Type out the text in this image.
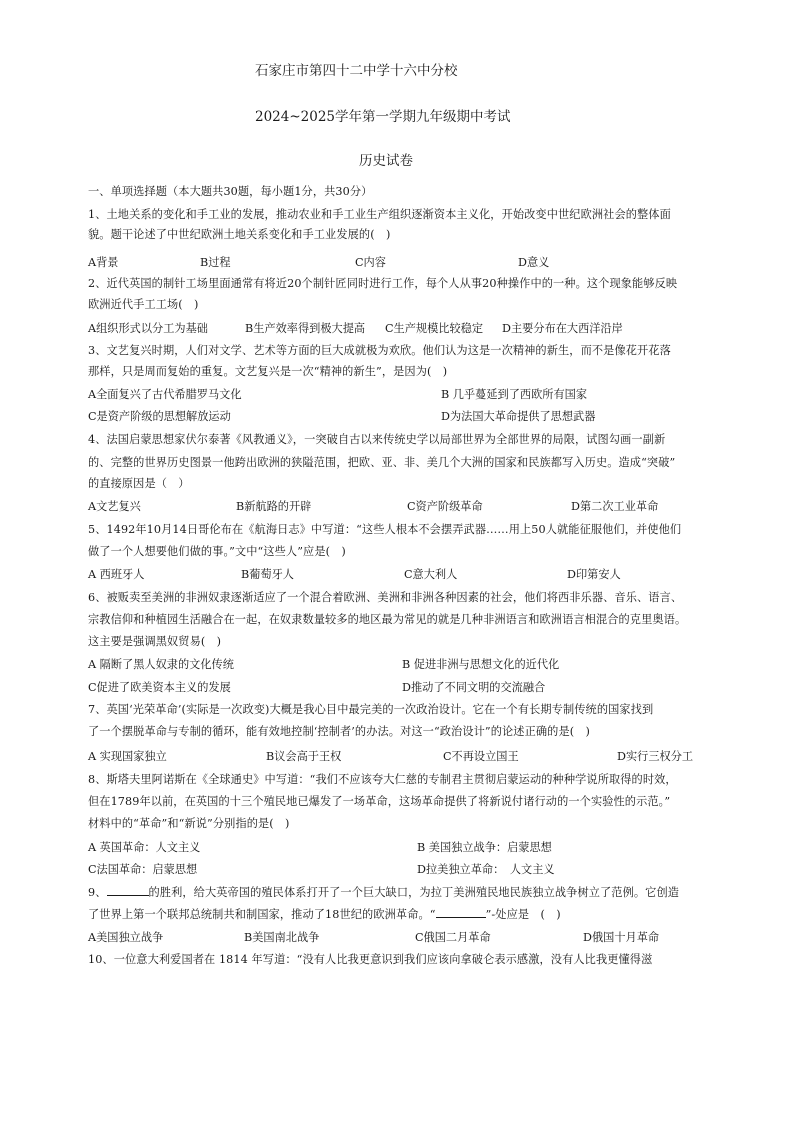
石家庄市第四十二中学十六中分校
2024~2025学年第一学期九年级期中考试
历史试卷
一、单项选择题（本大题共30题，每小题1分，共30分）
1、土地关系的变化和手工业的发展，推动农业和手工业生产组织逐渐资本主义化，开始改变中世纪欧洲社会的整体面
貌。题干论述了中世纪欧洲土地关系变化和手工业发展的(　)
A背景	B过程	C内容	D意义
2、近代英国的制针工场里面通常有将近20个制针匠同时进行工作，每个人从事20种操作中的一种。这个现象能够反映
欧洲近代手工工场(　)
A组织形式以分工为基础	B生产效率得到极大提高 C生产规模比较稳定 D主要分布在大西洋沿岸
3、文艺复兴时期，人们对文学、艺术等方面的巨大成就极为欢欣。他们认为这是一次精神的新生，而不是像花开花落
那样，只是周而复始的重复。文艺复兴是一次“精神的新生”，是因为(　)
A全面复兴了古代希腊罗马文化	B 几乎蔓延到了西欧所有国家
C是资产阶级的思想解放运动	D为法国大革命提供了思想武器
4、法国启蒙思想家伏尔泰著《风教通义》，一突破自古以来传统史学以局部世界为全部世界的局限，试图勾画一副新
的、完整的世界历史图景一他跨出欧洲的狭隘范围，把欧、亚、非、美几个大洲的国家和民族都写入历史。造成“突破”
的直接原因是（　）
A文艺复兴	B新航路的开辟	C资产阶级革命	D第二次工业革命
5、1492年10月14日哥伦布在《航海日志》中写道：“这些人根本不会摆弄武器……用上50人就能征服他们，并使他们
做了一个人想要他们做的事。”文中“这些人”应是(　)
A 西班牙人	B葡萄牙人	C意大利人	D印第安人
6、被贩卖至美洲的非洲奴隶逐渐适应了一个混合着欧洲、美洲和非洲各种因素的社会，他们将西非乐器、音乐、语言、
宗教信仰和种植园生活融合在一起，在奴隶数量较多的地区最为常见的就是几种非洲语言和欧洲语言相混合的克里奥语。
这主要是强调黑奴贸易(　)
A 隔断了黑人奴隶的文化传统	B 促进非洲与思想文化的近代化
C促进了欧美资本主义的发展	D推动了不同文明的交流融合
7、英国‘光荣革命’(实际是一次政变)大概是我心目中最完美的一次政治设计。它在一个有长期专制传统的国家找到
了一个摆脱革命与专制的循环，能有效地控制‘控制者’的办法。对这一“政治设计”的论述正确的是(　)
A 实现国家独立	B议会高于王权	C不再设立国王	D实行三权分工
8、斯塔夫里阿诺斯在《全球通史》中写道：“我们不应该夸大仁慈的专制君主贯彻启蒙运动的种种学说所取得的时效，
但在1789年以前，在英国的十三个殖民地已爆发了一场革命，这场革命提供了将新说付诸行动的一个实验性的示范。”
材料中的“革命”和“新说”分别指的是(　)
A 英国革命：人文主义	B 美国独立战争：启蒙思想
C法国革命：启蒙思想	D拉美独立革命：　人文主义
9、	的胜利，给大英帝国的殖民体系打开了一个巨大缺口，为拉丁美洲殖民地民族独立战争树立了范例。它创造
了世界上第一个联邦总统制共和制国家，推动了18世纪的欧洲革命。“	”-处应是　(　)
A美国独立战争	B美国南北战争	C俄国二月革命	D俄国十月革命
10、一位意大利爱国者在 1814 年写道：“没有人比我更意识到我们应该向拿破仑表示感激，没有人比我更懂得滋
